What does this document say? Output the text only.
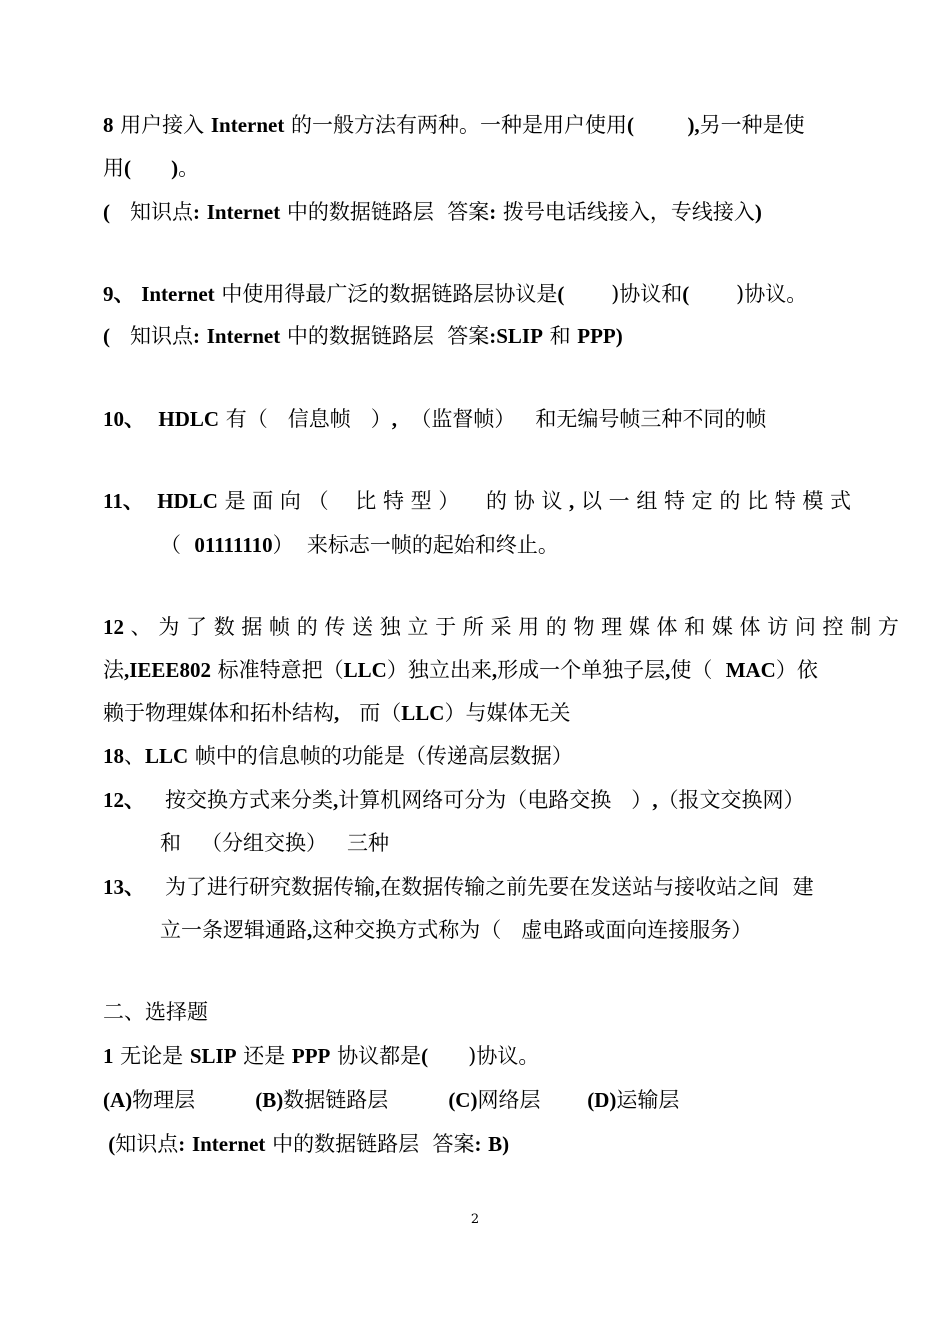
8 用户接入 Internet 的一般方法有两种。一种是用户使用(	),另一种是使
用( )。
(   知识点: Internet 中的数据链路层  答案: 拨号电话线接入，专线接入)
9、 Internet 中使用得最广泛的数据链路层协议是( )协议和( )协议。
(   知识点: Internet 中的数据链路层  答案:SLIP 和 PPP)
10、 HDLC 有（   信息帧   ）,  （监督帧）   和无编号帧三种不同的帧
11、 HDLC 是 面 向 （    比 特 型 ）    的 协 议 , 以 一 组 特 定 的 比 特 模 式
（  01111110）  来标志一帧的起始和终止。
12 、 为 了 数 据 帧 的 传 送 独 立 于 所 采 用 的 物 理 媒 体 和 媒 体 访 问 控 制 方
法,IEEE802 标准特意把（LLC）独立出来,形成一个单独子层,使（  MAC）依
赖于物理媒体和拓朴结构,   而（LLC）与媒体无关
18、LLC 帧中的信息帧的功能是（传递高层数据）
12、   按交换方式来分类,计算机网络可分为（电路交换   ）,（报文交换网）
和   （分组交换）   三种
13、   为了进行研究数据传输,在数据传输之前先要在发送站与接收站之间  建
立一条逻辑通路,这种交换方式称为（   虚电路或面向连接服务）
二、选择题
1 无论是 SLIP 还是 PPP 协议都是( )协议。
(A)物理层         (B)数据链路层         (C)网络层       (D)运输层
(知识点: Internet 中的数据链路层  答案: B)
2
